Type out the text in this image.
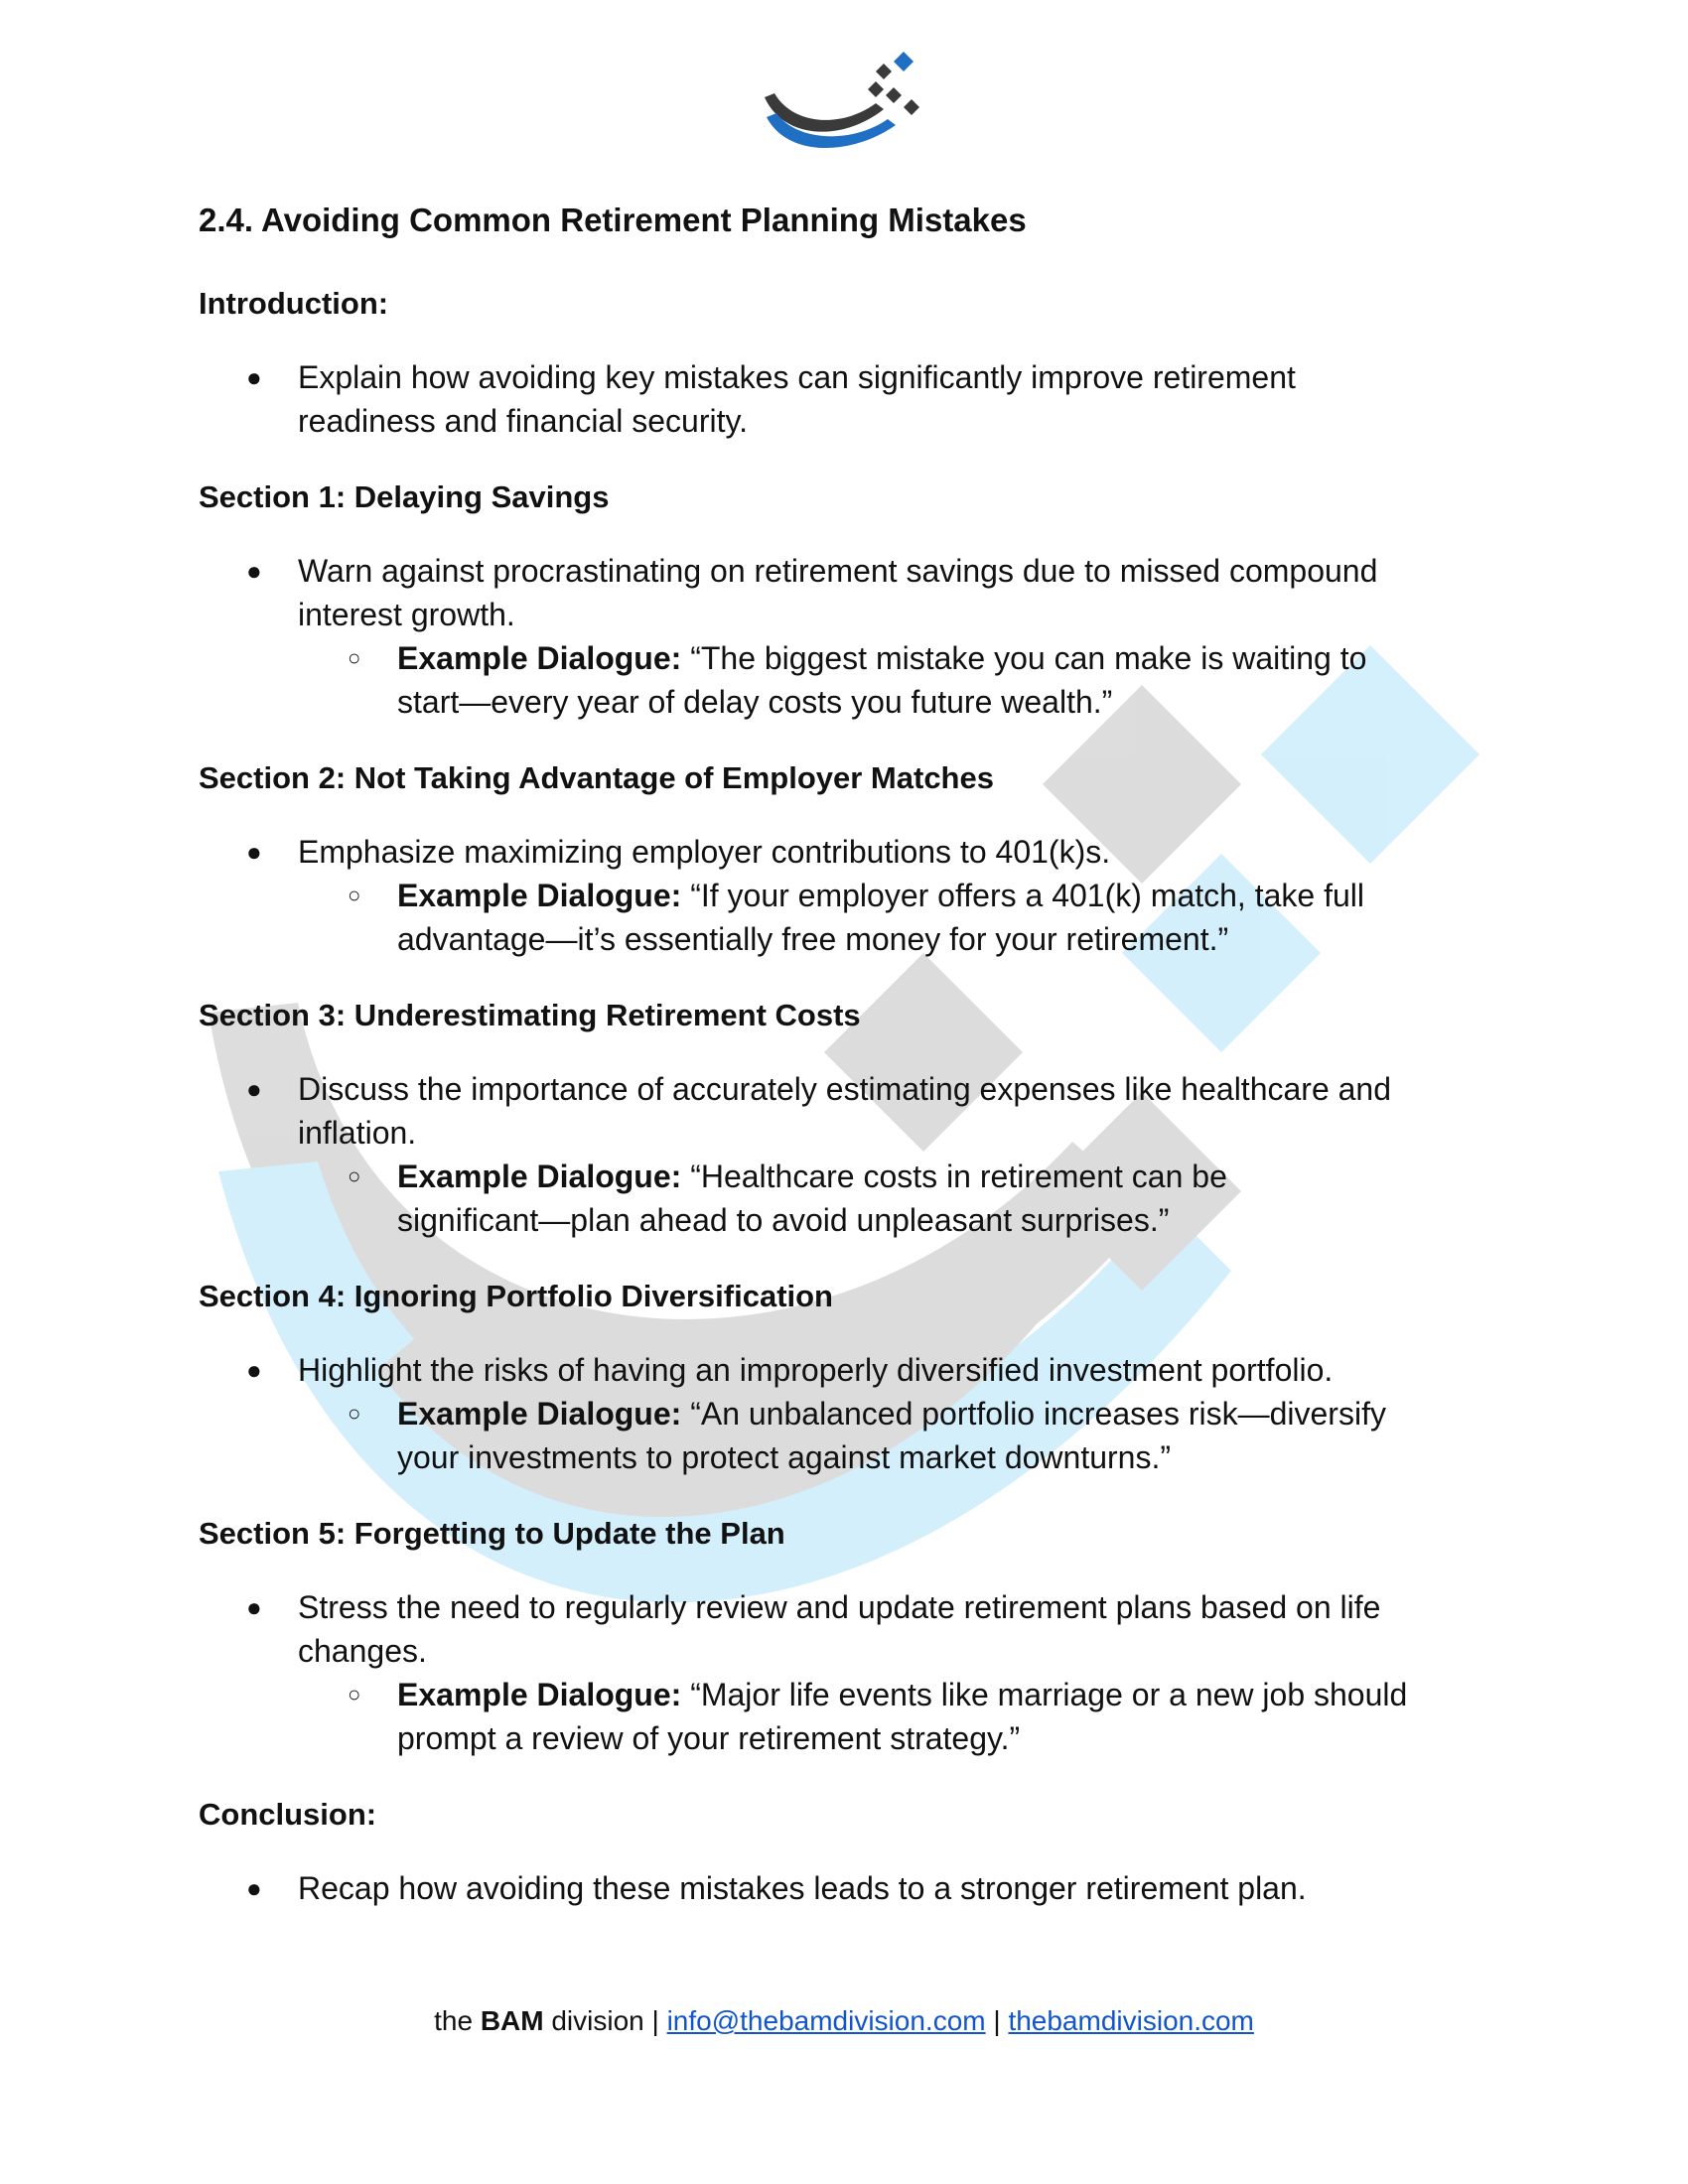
2.4. Avoiding Common Retirement Planning Mistakes
Introduction:
● Explain how avoiding key mistakes can significantly improve retirement
readiness and financial security.
Section 1: Delaying Savings
● Warn against procrastinating on retirement savings due to missed compound
interest growth.
○ Example Dialogue: “The biggest mistake you can make is waiting to
start—every year of delay costs you future wealth.”
Section 2: Not Taking Advantage of Employer Matches
● Emphasize maximizing employer contributions to 401(k)s.
○ Example Dialogue: “If your employer offers a 401(k) match, take full
advantage—it’s essentially free money for your retirement.”
Section 3: Underestimating Retirement Costs
● Discuss the importance of accurately estimating expenses like healthcare and
inflation.
○ Example Dialogue: “Healthcare costs in retirement can be
significant—plan ahead to avoid unpleasant surprises.”
Section 4: Ignoring Portfolio Diversification
● Highlight the risks of having an improperly diversified investment portfolio.
○ Example Dialogue: “An unbalanced portfolio increases risk—diversify
your investments to protect against market downturns.”
Section 5: Forgetting to Update the Plan
● Stress the need to regularly review and update retirement plans based on life
changes.
○ Example Dialogue: “Major life events like marriage or a new job should
prompt a review of your retirement strategy.”
Conclusion:
● Recap how avoiding these mistakes leads to a stronger retirement plan.
the BAM division | info@thebamdivision.com | thebamdivision.com
